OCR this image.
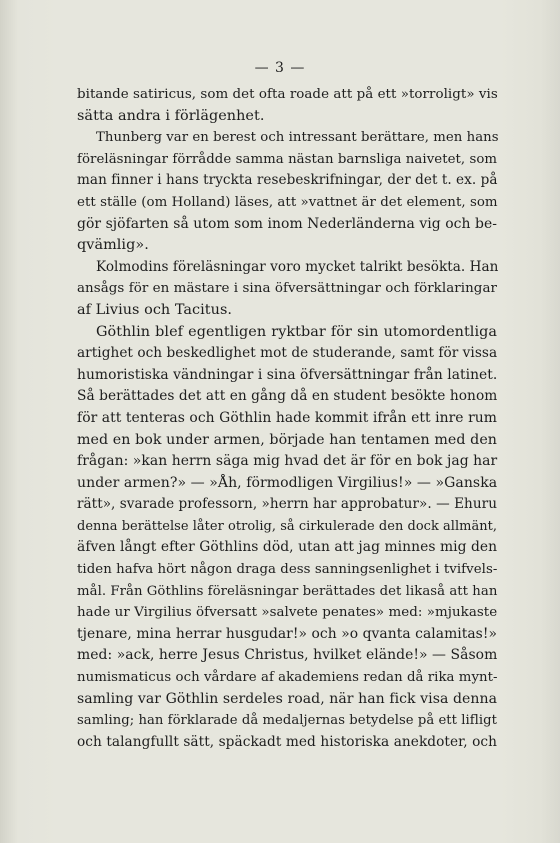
— 3 —
bitande satiricus, som det ofta roade att på ett »torroligt» vis
sätta andra i förlägenhet.
Thunberg var en berest och intressant berättare, men hans
föreläsningar förrådde samma nästan barnsliga naivetet, som
man finner i hans tryckta resebeskrifningar, der det t. ex. på
ett ställe (om Holland) läses, att »vattnet är det element, som
gör sjöfarten så utom som inom Nederländerna vig och be-
qvämlig».
Kolmodins föreläsningar voro mycket talrikt besökta. Han
ansågs för en mästare i sina öfversättningar och förklaringar
af Livius och Tacitus.
Göthlin blef egentligen ryktbar för sin utomordentliga
artighet och beskedlighet mot de studerande, samt för vissa
humoristiska vändningar i sina öfversättningar från latinet.
Så berättades det att en gång då en student besökte honom
för att tenteras och Göthlin hade kommit ifrån ett inre rum
med en bok under armen, började han tentamen med den
frågan: »kan herrn säga mig hvad det är för en bok jag har
under armen?» — »Åh, förmodligen Virgilius!» — »Ganska
rätt», svarade professorn, »herrn har approbatur». — Ehuru
denna berättelse låter otrolig, så cirkulerade den dock allmänt,
äfven långt efter Göthlins död, utan att jag minnes mig den
tiden hafva hört någon draga dess sanningsenlighet i tvifvels-
mål. Från Göthlins föreläsningar berättades det likaså att han
hade ur Virgilius öfversatt »salvete penates» med: »mjukaste
tjenare, mina herrar husgudar!» och »o qvanta calamitas!»
med: »ack, herre Jesus Christus, hvilket elände!» — Såsom
numismaticus och vårdare af akademiens redan då rika mynt-
samling var Göthlin serdeles road, när han fick visa denna
samling; han förklarade då medaljernas betydelse på ett lifligt
och talangfullt sätt, späckadt med historiska anekdoter, och
